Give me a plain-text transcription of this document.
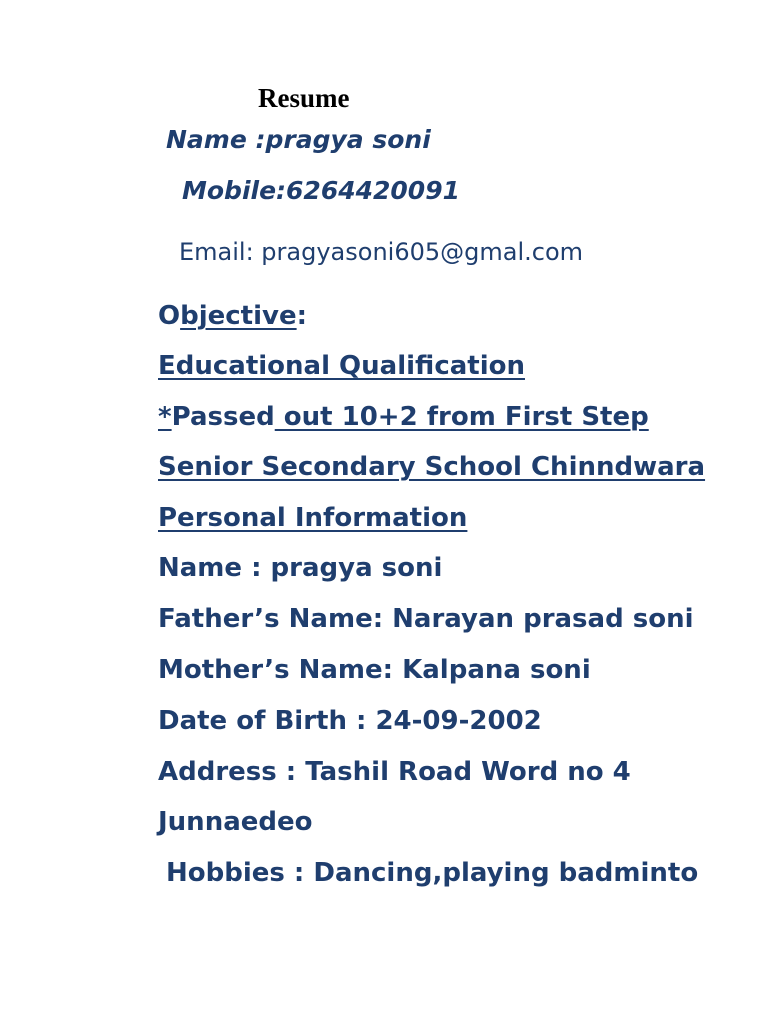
Resume
Name :pragya soni
Mobile:6264420091
Email: pragyasoni605@gmal.com
Objective:
Educational Qualification
*Passed out 10+2 from First Step
Senior Secondary School Chinndwara
Personal Information
Name : pragya soni
Father’s Name: Narayan prasad soni
Mother’s Name: Kalpana soni
Date of Birth : 24-09-2002
Address : Tashil Road Word no 4
Junnaedeo
Hobbies : Dancing,playing badminto
